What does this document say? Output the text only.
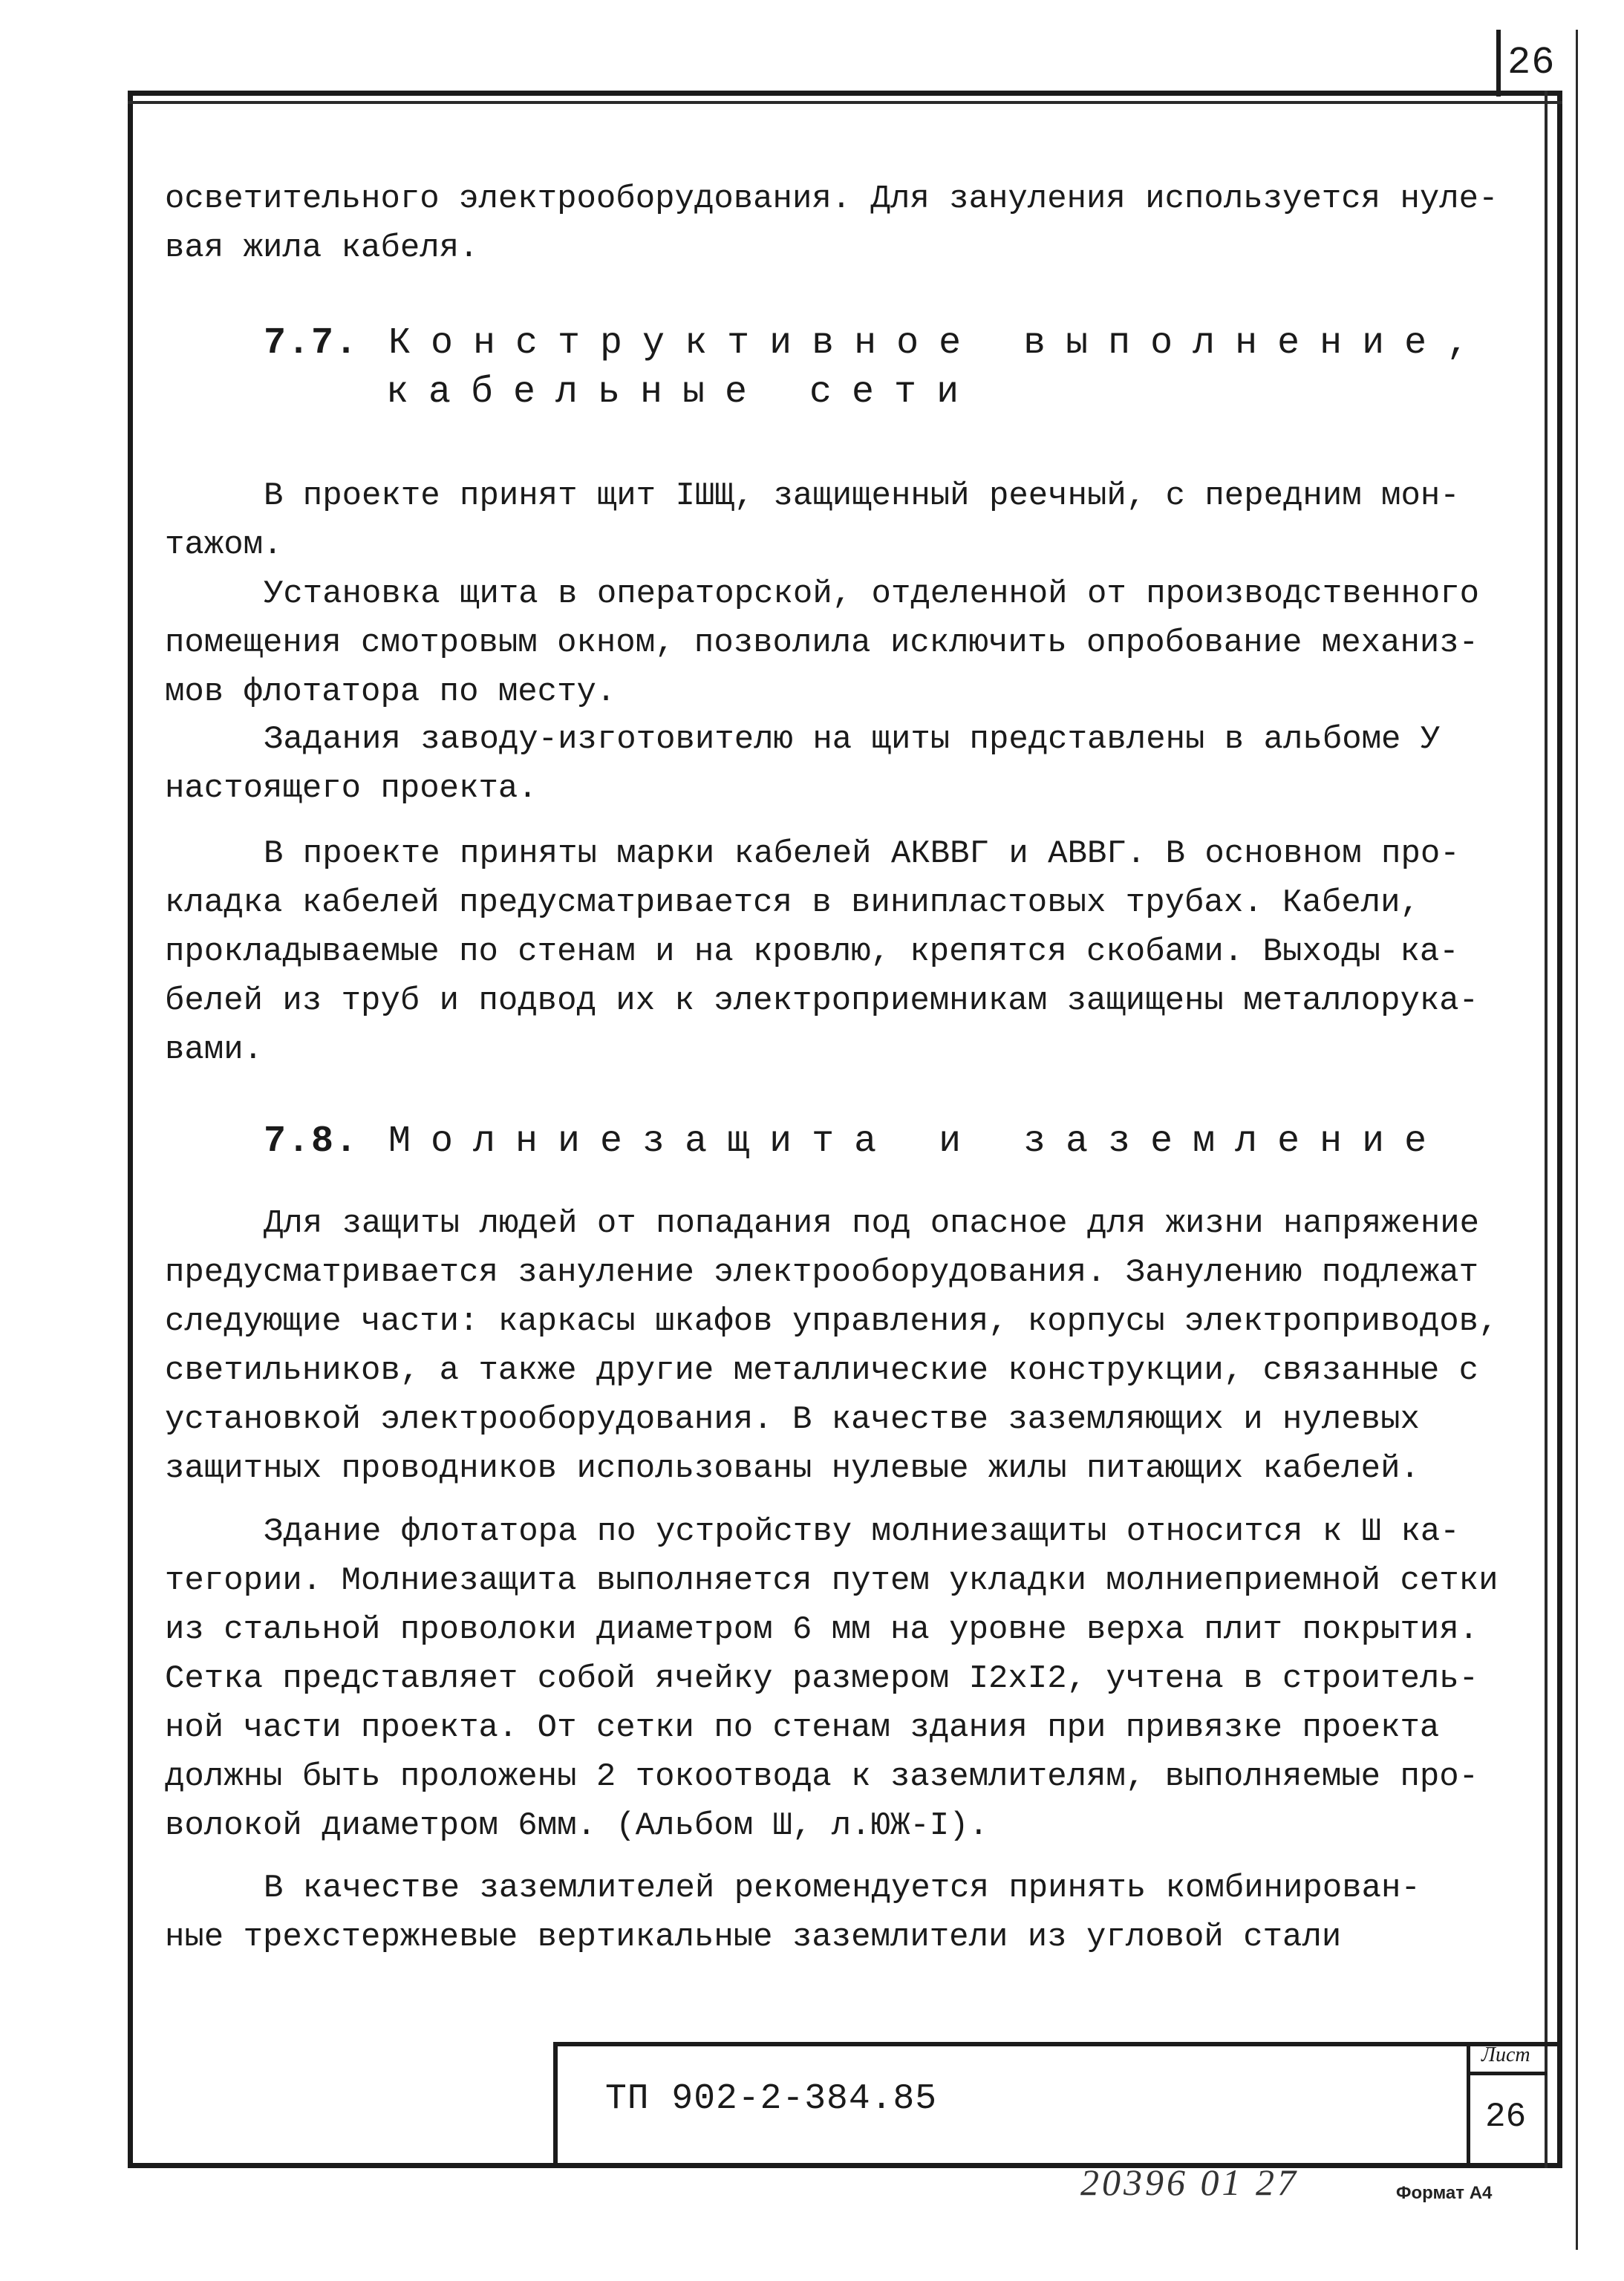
26
осветительного электрооборудования. Для зануления используется нуле-
вая жила кабеля.
7.7. Конструктивное выполнение,
кабельные сети
В проекте принят щит IШЩ, защищенный реечный, с передним мон-
тажом.
Установка щита в операторской, отделенной от производственного
помещения смотровым окном, позволила исключить опробование механиз-
мов флотатора по месту.
Задания заводу-изготовителю на щиты представлены в альбоме У
настоящего проекта.
В проекте приняты марки кабелей АКВВГ и АВВГ. В основном про-
кладка кабелей предусматривается в винипластовых трубах. Кабели,
прокладываемые по стенам и на кровлю, крепятся скобами. Выходы ка-
белей из труб и подвод их к электроприемникам защищены металлорука-
вами.
7.8. Молниезащита и заземление
Для защиты людей от попадания под опасное для жизни напряжение
предусматривается зануление электрооборудования. Занулению подлежат
следующие части: каркасы шкафов управления, корпусы электроприводов,
светильников, а также другие металлические конструкции, связанные с
установкой электрооборудования. В качестве заземляющих и нулевых
защитных проводников использованы нулевые жилы питающих кабелей.
Здание флотатора по устройству молниезащиты относится к Ш ка-
тегории. Молниезащита выполняется путем укладки молниеприемной сетки
из стальной проволоки диаметром 6 мм на уровне верха плит покрытия.
Сетка представляет собой ячейку размером I2хI2, учтена в строитель-
ной части проекта. От сетки по стенам здания при привязке проекта
должны быть проложены 2 токоотвода к заземлителям, выполняемые про-
волокой диаметром 6мм. (Альбом Ш, л.ЮЖ-I).
В качестве заземлителей рекомендуется принять комбинирован-
ные трехстержневые вертикальные заземлители из угловой стали
ТП 902-2-384.85
Лист
26
20396 01 27	Формат А4
